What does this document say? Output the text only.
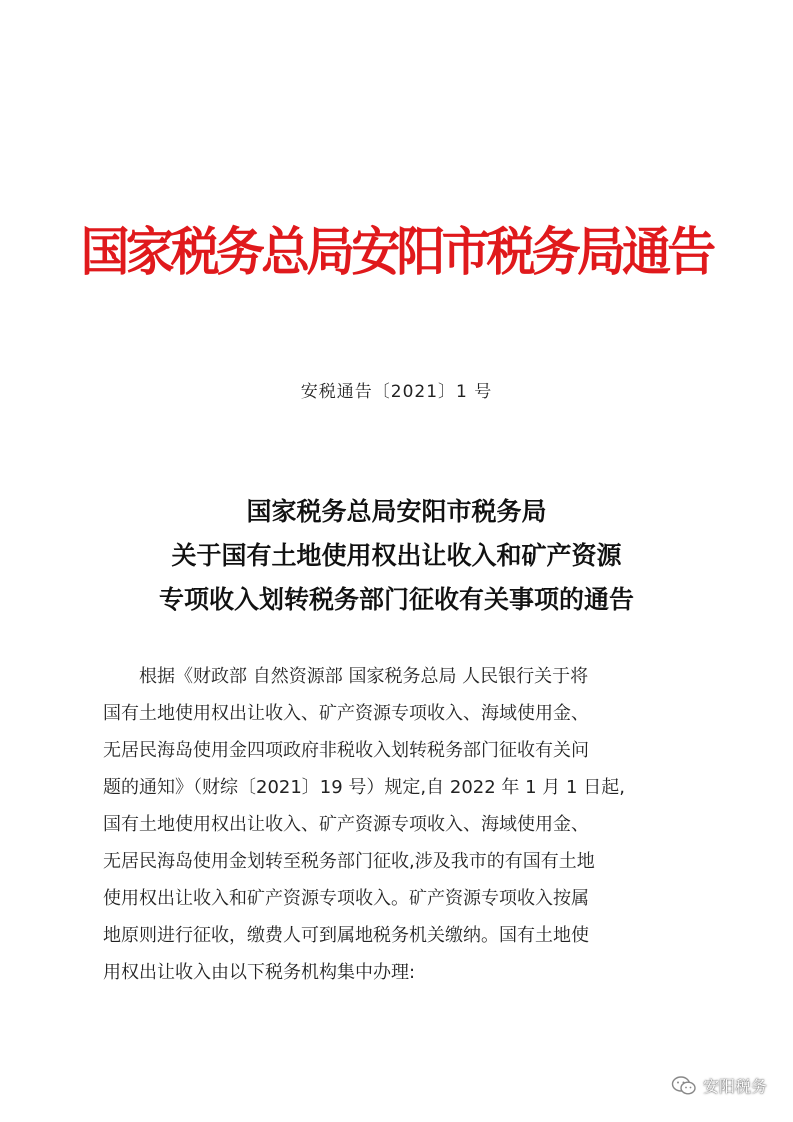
国家税务总局安阳市税务局通告
安税通告〔2021〕1 号
国家税务总局安阳市税务局
关于国有土地使用权出让收入和矿产资源
专项收入划转税务部门征收有关事项的通告
　　根据《财政部 自然资源部 国家税务总局 人民银行关于将
国有土地使用权出让收入、矿产资源专项收入、海域使用金、
无居民海岛使用金四项政府非税收入划转税务部门征收有关问
题的通知》（财综〔2021〕19 号）规定,自 2022 年 1 月 1 日起,
国有土地使用权出让收入、矿产资源专项收入、海域使用金、
无居民海岛使用金划转至税务部门征收,涉及我市的有国有土地
使用权出让收入和矿产资源专项收入。矿产资源专项收入按属
地原则进行征收，缴费人可到属地税务机关缴纳。国有土地使
用权出让收入由以下税务机构集中办理:
安阳税务
